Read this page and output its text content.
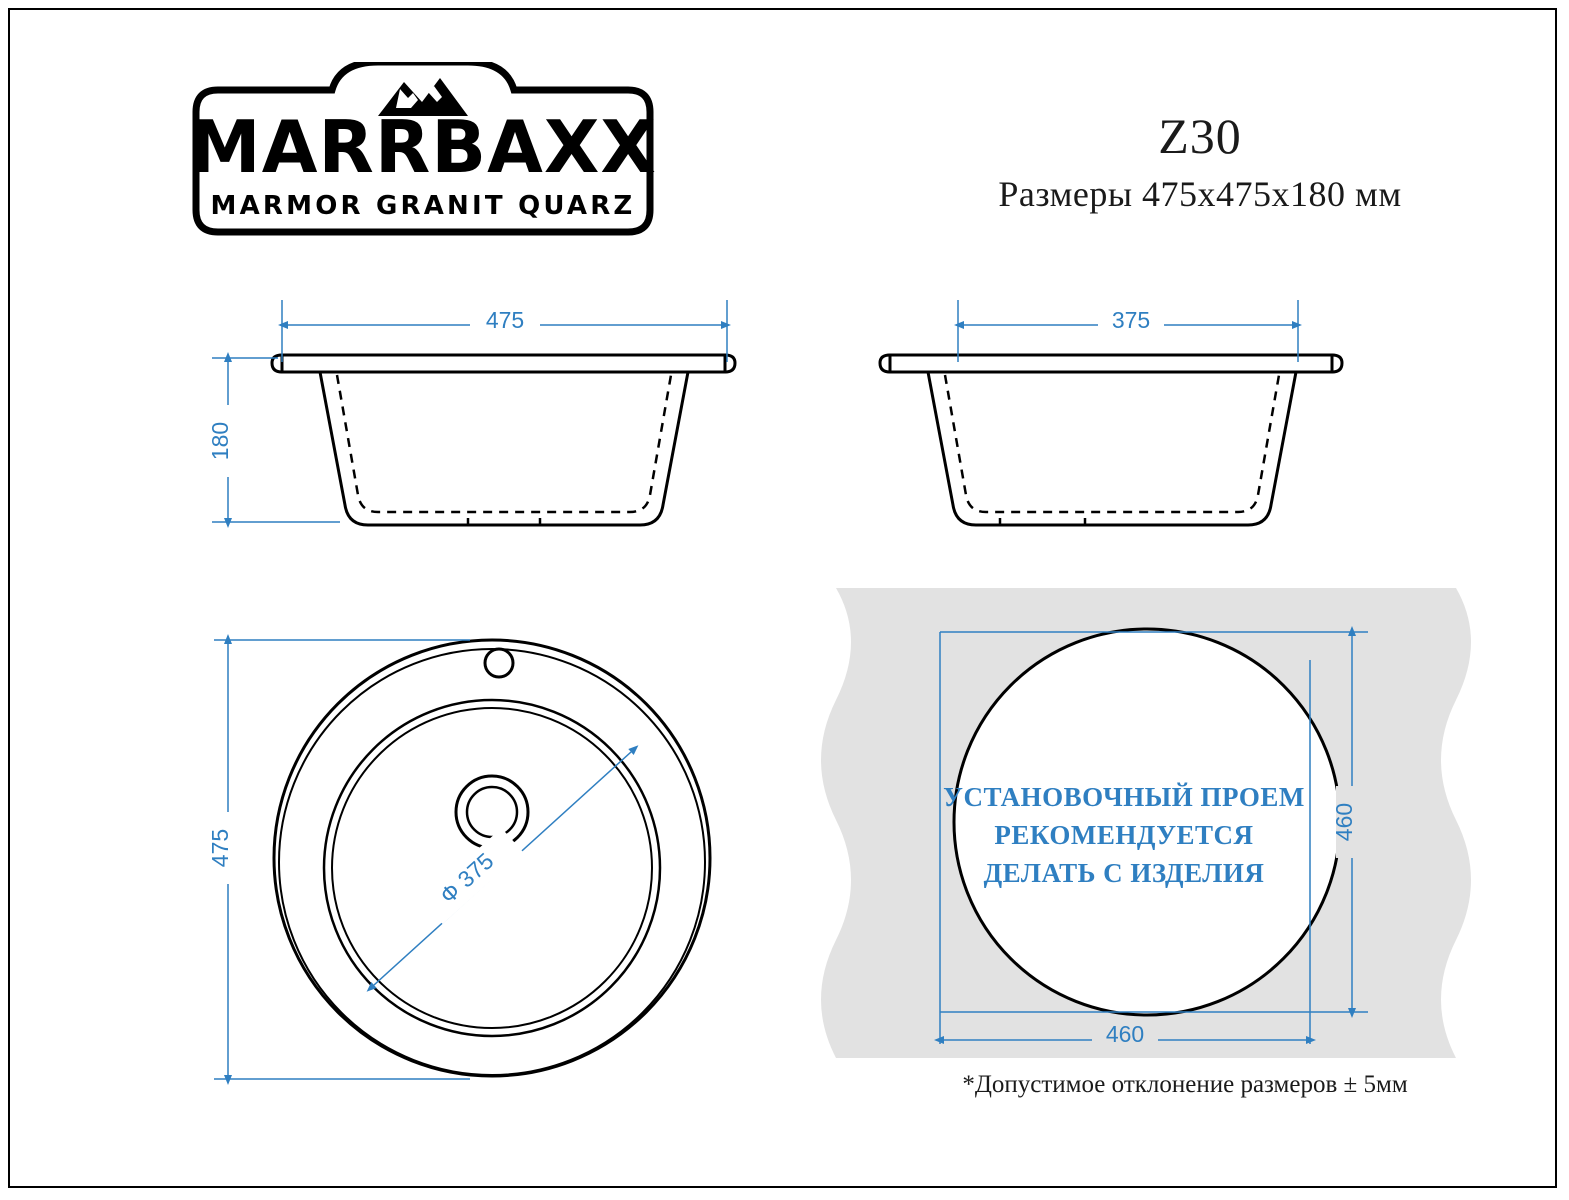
MARRBAXX
MARMOR GRANIT QUARZ
Z30
Размеры 475x475x180 мм
*Допустимое отклонение размеров ± 5мм
475
180
375
Ф 375
475
УСТАНОВОЧНЫЙ ПРОЕМ
РЕКОМЕНДУЕТСЯ
ДЕЛАТЬ С ИЗДЕЛИЯ
460
460
